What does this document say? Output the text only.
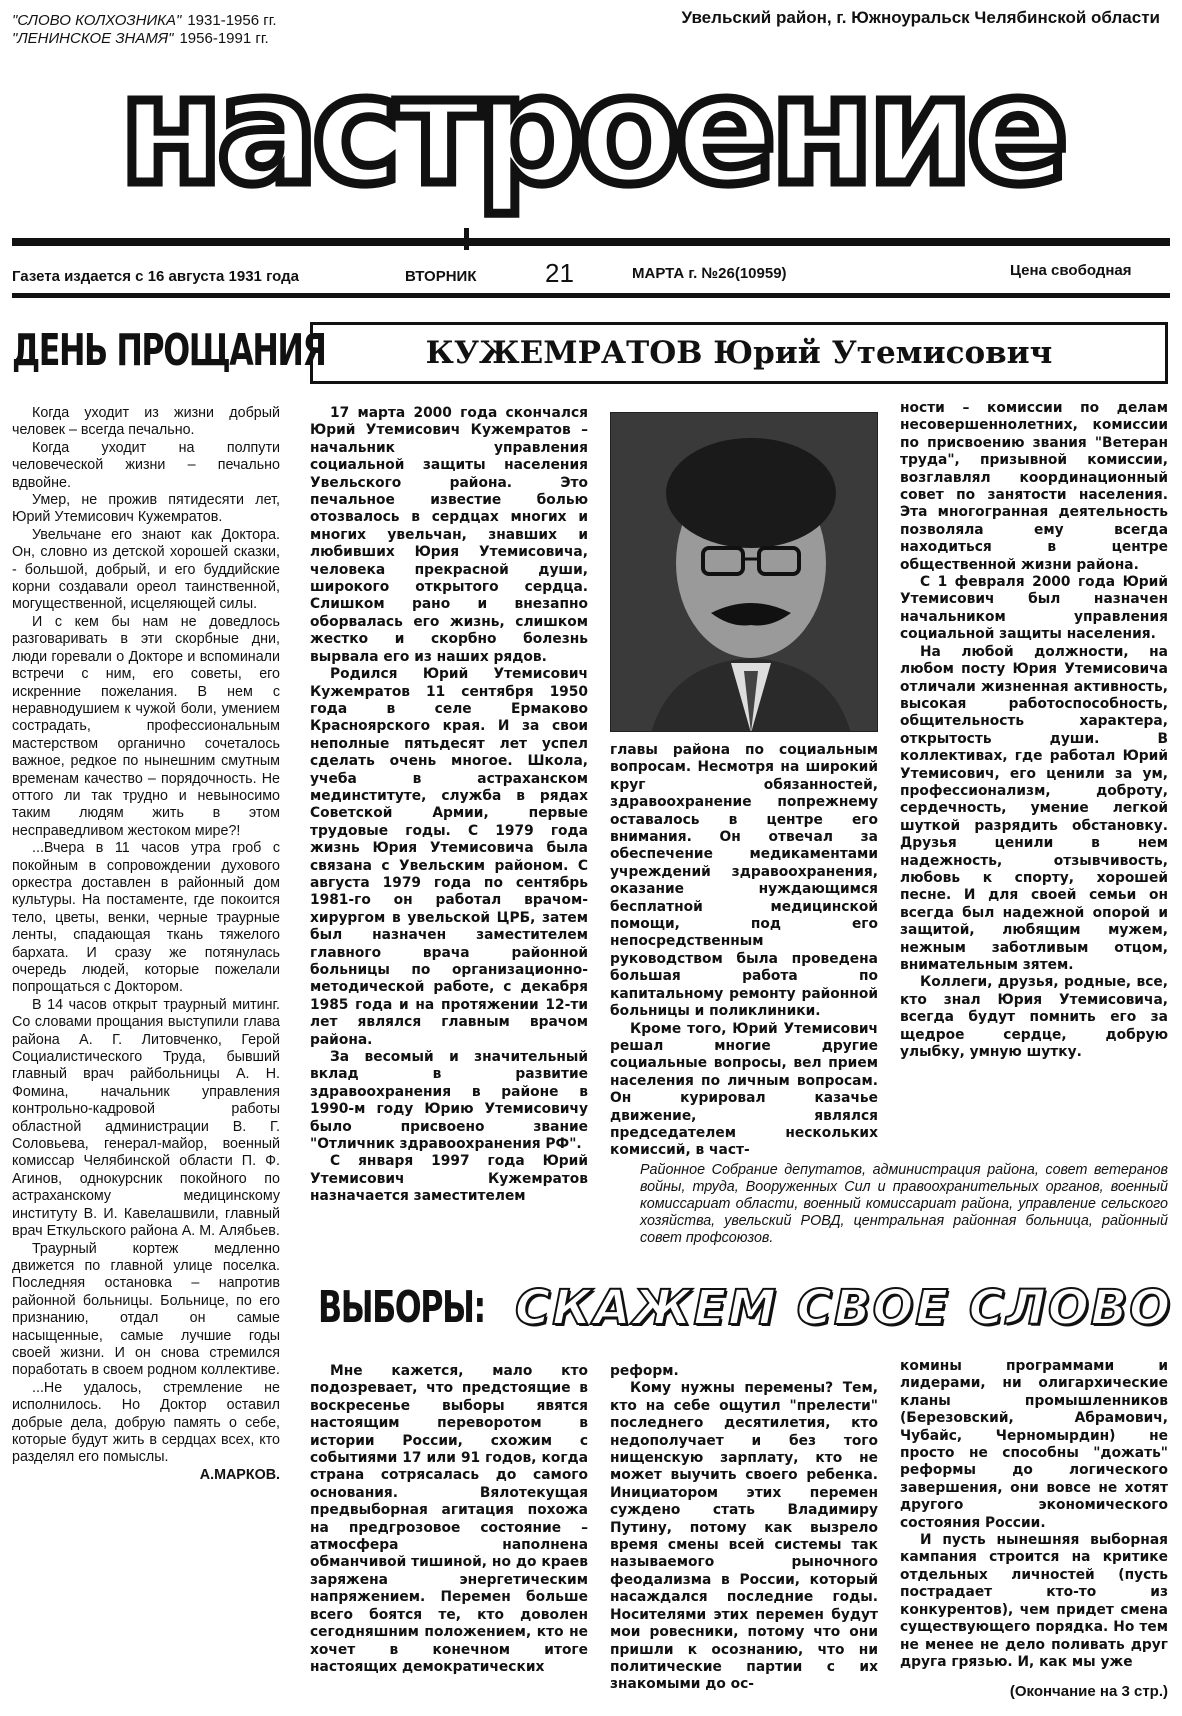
"СЛОВО КОЛХОЗНИКА" 1931-1956 гг.
"ЛЕНИНСКОЕ ЗНАМЯ" 1956-1991 гг.
Увельский район, г. Южноуральск Челябинской области
настроение
Газета издается с 16 августа 1931 года	ВТОРНИК	21	МАРТА г. №26(10959)	Цена свободная
ДЕНЬ ПРОЩАНИЯ

Когда уходит из жизни добрый человек – всегда печально.

Когда уходит на полпути человеческой жизни – печально вдвойне.

Умер, не прожив пятидесяти лет, Юрий Утемисович Кужемратов.

Увельчане его знают как Доктора. Он, словно из детской хорошей сказки, - большой, добрый, и его буддийские корни создавали ореол таинственной, могущественной, исцеляющей силы.

И с кем бы нам не доведлось разговаривать в эти скорбные дни, люди горевали о Докторе и вспоминали встречи с ним, его советы, его искренние пожелания. В нем с неравнодушием к чужой боли, умением сострадать, профессиональным мастерством органично сочеталось важное, редкое по нынешним смутным временам качество – порядочность. Не оттого ли так трудно и невыносимо таким людям жить в этом несправедливом жестоком мире?!

...Вчера в 11 часов утра гроб с покойным в сопровождении духового оркестра доставлен в районный дом культуры. На постаменте, где покоится тело, цветы, венки, черные траурные ленты, спадающая ткань тяжелого бархата. И сразу же потянулась очередь людей, которые пожелали попрощаться с Доктором.

В 14 часов открыт траурный митинг. Со словами прощания выступили глава района А. Г. Литовченко, Герой Социалистического Труда, бывший главный врач райбольницы А. Н. Фомина, начальник управления контрольно-кадровой работы областной администрации В. Г. Соловьева, генерал-майор, военный комиссар Челябинской области П. Ф. Агинов, однокурсник покойного по астраханскому медицинскому институту В. И. Кавелашвили, главный врач Еткульского района А. М. Алябьев.

Траурный кортеж медленно движется по главной улице поселка. Последняя остановка – напротив районной больницы. Больнице, по его признанию, отдал он самые насыщенные, самые лучшие годы своей жизни. И он снова стремился поработать в своем родном коллективе.

...Не удалось, стремление не исполнилось. Но Доктор оставил добрые дела, добрую память о себе, которые будут жить в сердцах всех, кто разделял его помыслы.

А.МАРКОВ.
КУЖЕМРАТОВ Юрий Утемисович

17 марта 2000 года скончался Юрий Утемисович Кужемратов – начальник управления социальной защиты населения Увельского района. Это печальное известие болью отозвалось в сердцах многих и многих увельчан, знавших и любивших Юрия Утемисовича, человека прекрасной души, широкого открытого сердца. Слишком рано и внезапно оборвалась его жизнь, слишком жестко и скорбно болезнь вырвала его из наших рядов.

Родился Юрий Утемисович Кужемратов 11 сентября 1950 года в селе Ермаково Красноярского края. И за свои неполные пятьдесят лет успел сделать очень многое. Школа, учеба в астраханском мединституте, служба в рядах Советской Армии, первые трудовые годы. С 1979 года жизнь Юрия Утемисовича была связана с Увельским районом. С августа 1979 года по сентябрь 1981-го он работал врачом-хирургом в увельской ЦРБ, затем был назначен заместителем главного врача районной больницы по организационно-методической работе, с декабря 1985 года и на протяжении 12-ти лет являлся главным врачом района.

За весомый и значительный вклад в развитие здравоохранения в районе в 1990-м году Юрию Утемисовичу было присвоено звание "Отличник здравоохранения РФ".

С января 1997 года Юрий Утемисович Кужемратов назначается заместителем

главы района по социальным вопросам. Несмотря на широкий круг обязанностей, здравоохранение попрежнему оставалось в центре его внимания. Он отвечал за обеспечение медикаментами учреждений здравоохранения, оказание нуждающимся бесплатной медицинской помощи, под его непосредственным руководством была проведена большая работа по капитальному ремонту районной больницы и поликлиники.

Кроме того, Юрий Утемисович решал многие другие социальные вопросы, вел прием населения по личным вопросам. Он курировал казачье движение, являлся председателем нескольких комиссий, в част-

ности – комиссии по делам несовершеннолетних, комиссии по присвоению звания "Ветеран труда", призывной комиссии, возглавлял координационный совет по занятости населения. Эта многогранная деятельность позволяла ему всегда находиться в центре общественной жизни района.

С 1 февраля 2000 года Юрий Утемисович был назначен начальником управления социальной защиты населения.

На любой должности, на любом посту Юрия Утемисовича отличали жизненная активность, высокая работоспособность, общительность характера, открытость души. В коллективах, где работал Юрий Утемисович, его ценили за ум, профессионализм, доброту, сердечность, умение легкой шуткой разрядить обстановку. Друзья ценили в нем надежность, отзывчивость, любовь к спорту, хорошей песне. И для своей семьи он всегда был надежной опорой и защитой, любящим мужем, нежным заботливым отцом, внимательным зятем.

Коллеги, друзья, родные, все, кто знал Юрия Утемисовича, всегда будут помнить его за щедрое сердце, добрую улыбку, умную шутку.

Районное Собрание депутатов, администрация района, совет ветеранов войны, труда, Вооруженных Сил и правоохранительных органов, военный комиссариат области, военный комиссариат района, управление сельского хозяйства, увельский РОВД, центральная районная больница, районный совет профсоюзов.
ВЫБОРЫ: СКАЖЕМ СВОЕ СЛОВО

Мне кажется, мало кто подозревает, что предстоящие в воскресенье выборы явятся настоящим переворотом в истории России, схожим с событиями 17 или 91 годов, когда страна сотрясалась до самого основания. Вялотекущая предвыборная агитация похожа на предгрозовое состояние – атмосфера наполнена обманчивой тишиной, но до краев заряжена энергетическим напряжением. Перемен больше всего боятся те, кто доволен сегодняшним положением, кто не хочет в конечном итоге настоящих демократических

реформ.

Кому нужны перемены? Тем, кто на себе ощутил "прелести" последнего десятилетия, кто недополучает и без того нищенскую зарплату, кто не может выучить своего ребенка. Инициатором этих перемен суждено стать Владимиру Путину, потому как вызрело время смены всей системы так называемого рыночного феодализма в России, который насаждался последние годы. Носителями этих перемен будут мои ровесники, потому что они пришли к осознанию, что ни политические партии с их знакомыми до ос-

комины программами и лидерами, ни олигархические кланы промышленников (Березовский, Абрамович, Чубайс, Черномырдин) не просто не способны "дожать" реформы до логического завершения, они вовсе не хотят другого экономического состояния России.

И пусть нынешняя выборная кампания строится на критике отдельных личностей (пусть пострадает кто-то из конкурентов), чем придет смена существующего порядка. Но тем не менее не дело поливать друг друга грязью. И, как мы уже

(Окончание на 3 стр.)
